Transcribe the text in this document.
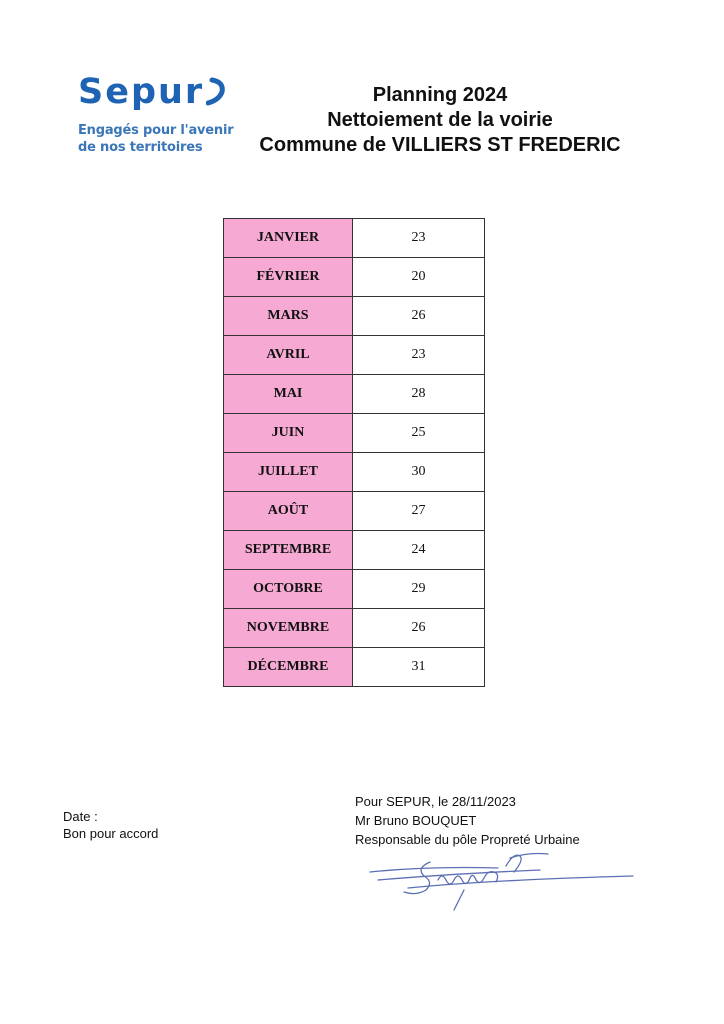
Sepur
Engagés pour l'avenir
de nos territoires
Planning 2024
Nettoiement de la voirie
Commune de VILLIERS ST FREDERIC
JANVIER	23
FÉVRIER	20
MARS	26
AVRIL	23
MAI	28
JUIN	25
JUILLET	30
AOÛT	27
SEPTEMBRE	24
OCTOBRE	29
NOVEMBRE	26
DÉCEMBRE	31
Date :
Bon pour accord
Pour SEPUR, le 28/11/2023
Mr Bruno BOUQUET
Responsable du pôle Propreté Urbaine
